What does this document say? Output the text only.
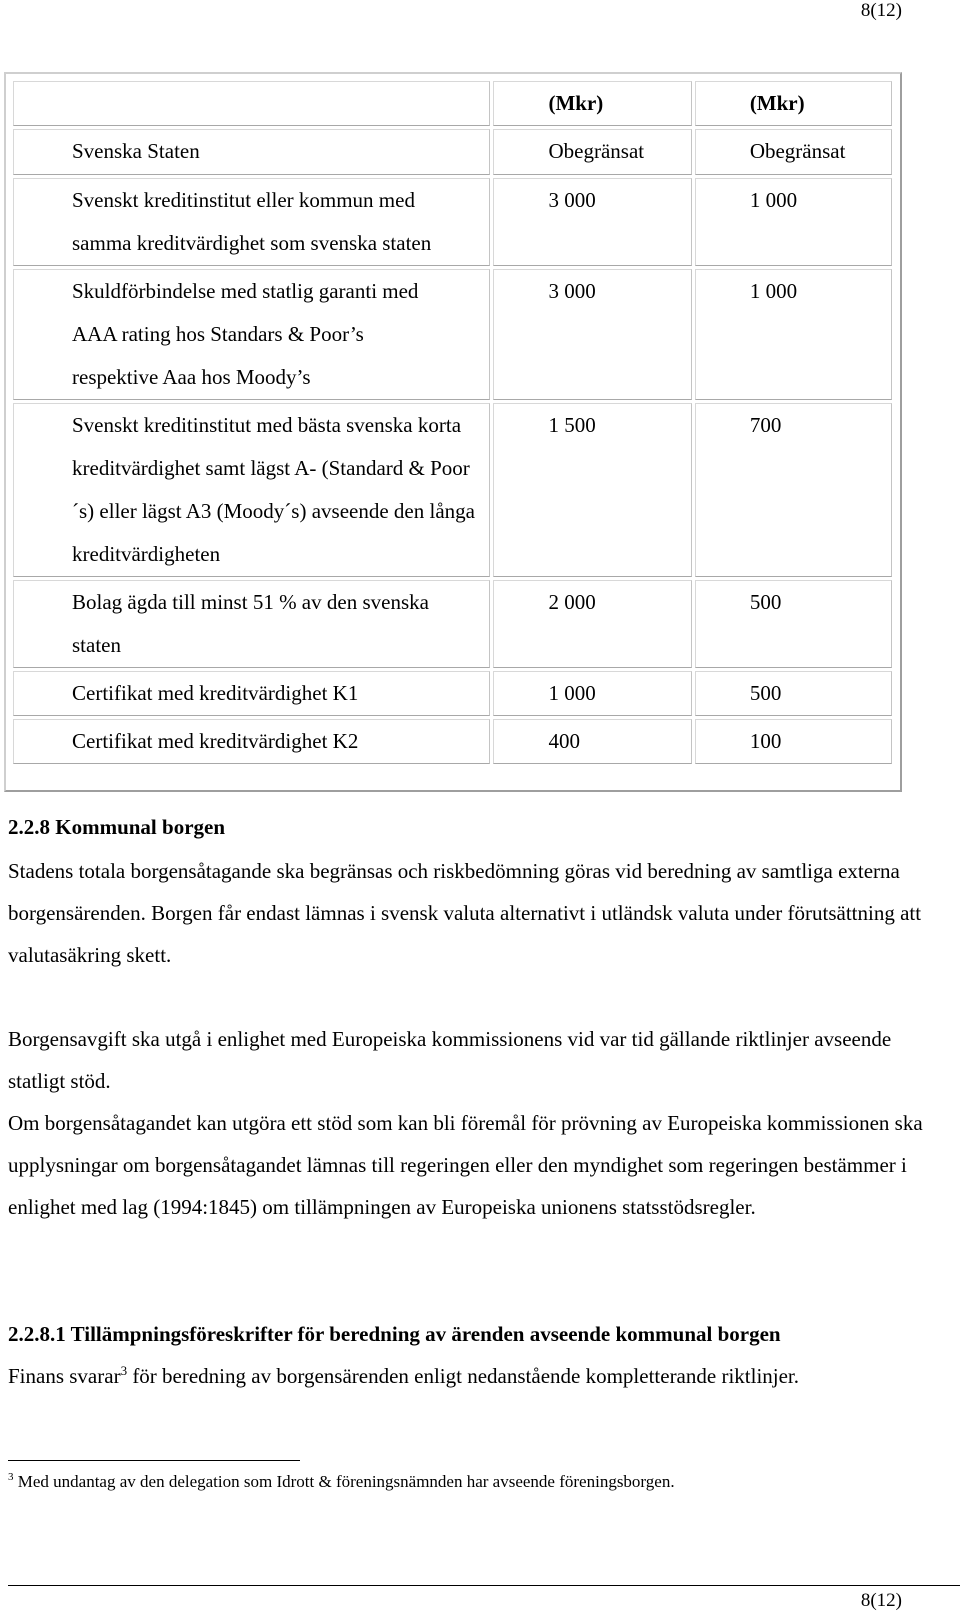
8(12)
	(Mkr)	(Mkr)
Svenska Staten	Obegränsat	Obegränsat
Svenskt kreditinstitut eller kommun med samma kreditvärdighet som svenska staten	3 000	1 000
Skuldförbindelse med statlig garanti med AAA rating hos Standars & Poor’s respektive Aaa hos Moody’s	3 000	1 000
Svenskt kreditinstitut med bästa svenska korta kreditvärdighet samt lägst A- (Standard & Poor´s) eller lägst A3 (Moody´s) avseende den långa kreditvärdigheten	1 500	700
Bolag ägda till minst 51 % av den svenska staten	2 000	500
Certifikat med kreditvärdighet K1	1 000	500
Certifikat med kreditvärdighet K2	400	100
2.2.8 Kommunal borgen
Stadens totala borgensåtagande ska begränsas och riskbedömning göras vid beredning av samtliga externa borgensärenden. Borgen får endast lämnas i svensk valuta alternativt i utländsk valuta under förutsättning att valutasäkring skett.
Borgensavgift ska utgå i enlighet med Europeiska kommissionens vid var tid gällande riktlinjer avseende statligt stöd.
Om borgensåtagandet kan utgöra ett stöd som kan bli föremål för prövning av Europeiska kommissionen ska upplysningar om borgensåtagandet lämnas till regeringen eller den myndighet som regeringen bestämmer i enlighet med lag (1994:1845) om tillämpningen av Europeiska unionens statsstödsregler.
2.2.8.1 Tillämpningsföreskrifter för beredning av ärenden avseende kommunal borgen
Finans svarar$^3$ för beredning av borgensärenden enligt nedanstående kompletterande riktlinjer.
$^3$ Med undantag av den delegation som Idrott & föreningsnämnden har avseende föreningsborgen.
8(12)
